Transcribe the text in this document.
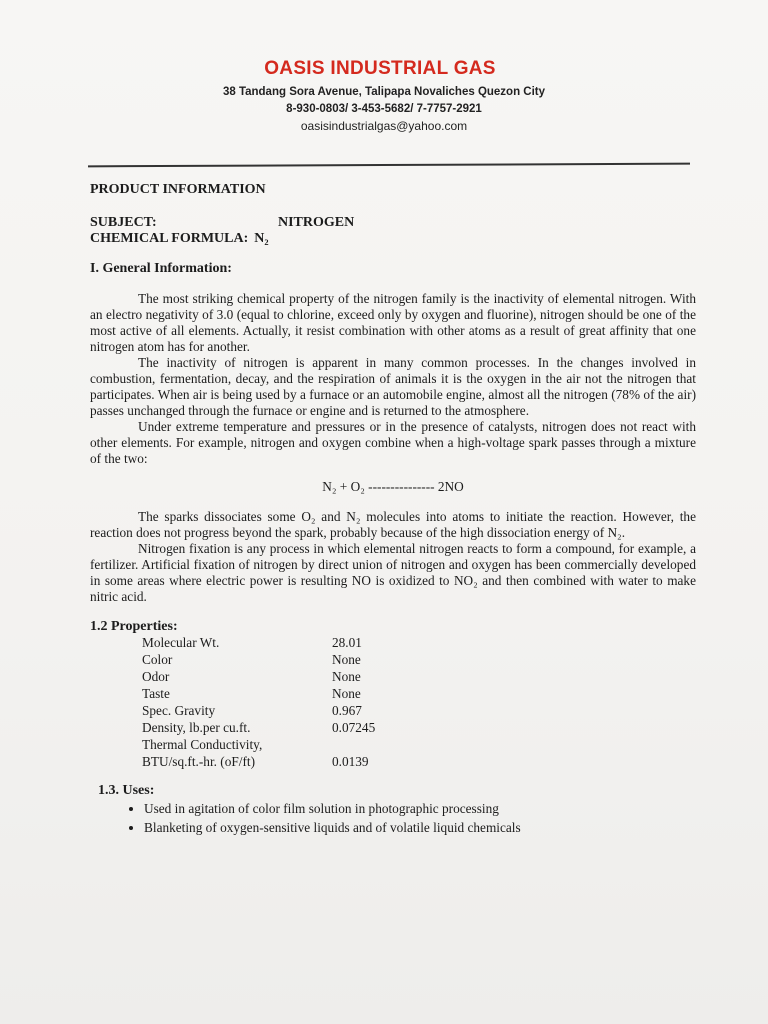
OASIS INDUSTRIAL GAS
38 Tandang Sora Avenue, Talipapa Novaliches Quezon City
8-930-0803/ 3-453-5682/ 7-7757-2921
oasisindustrialgas@yahoo.com
PRODUCT INFORMATION
SUBJECT:	NITROGEN
CHEMICAL FORMULA: N₂
I. General Information:

The most striking chemical property of the nitrogen family is the inactivity of elemental nitrogen. With an electro negativity of 3.0 (equal to chlorine, exceed only by oxygen and fluorine), nitrogen should be one of the most active of all elements. Actually, it resist combination with other atoms as a result of great affinity that one nitrogen atom has for another.

The inactivity of nitrogen is apparent in many common processes. In the changes involved in combustion, fermentation, decay, and the respiration of animals it is the oxygen in the air not the nitrogen that participates. When air is being used by a furnace or an automobile engine, almost all the nitrogen (78% of the air) passes unchanged through the furnace or engine and is returned to the atmosphere.

Under extreme temperature and pressures or in the presence of catalysts, nitrogen does not react with other elements. For example, nitrogen and oxygen combine when a high-voltage spark passes through a mixture of the two:

N₂ + O₂ --------------- 2NO

The sparks dissociates some O₂ and N₂ molecules into atoms to initiate the reaction. However, the reaction does not progress beyond the spark, probably because of the high dissociation energy of N₂.

Nitrogen fixation is any process in which elemental nitrogen reacts to form a compound, for example, a fertilizer. Artificial fixation of nitrogen by direct union of nitrogen and oxygen has been commercially developed in some areas where electric power is resulting NO is oxidized to NO₂ and then combined with water to make nitric acid.

1.2 Properties:
Molecular Wt.	28.01
Color	None
Odor	None
Taste	None
Spec. Gravity	0.967
Density, lb.per cu.ft.	0.07245
Thermal Conductivity,
BTU/sq.ft.-hr. (oF/ft)	0.0139
1.3. Uses:
• Used in agitation of color film solution in photographic processing
• Blanketing of oxygen-sensitive liquids and of volatile liquid chemicals
